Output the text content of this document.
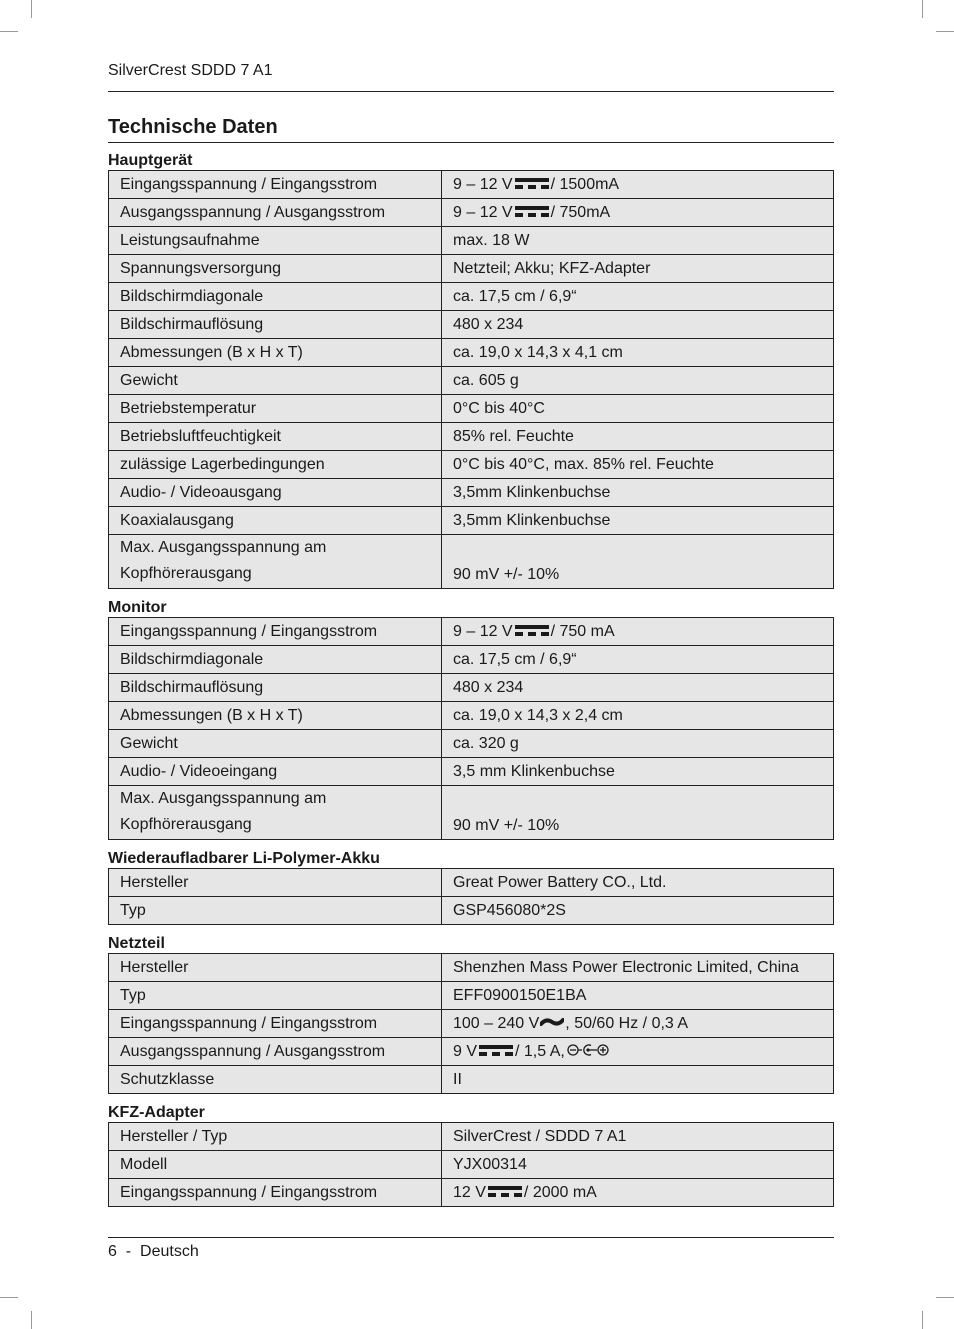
SilverCrest SDDD 7 A1
Technische Daten
Hauptgerät
Eingangsspannung / Eingangsstrom	9 – 12 V / 1500mA
Ausgangsspannung / Ausgangsstrom	9 – 12 V / 750mA
Leistungsaufnahme	max. 18 W
Spannungsversorgung	Netzteil; Akku; KFZ-Adapter
Bildschirmdiagonale	ca. 17,5 cm / 6,9“
Bildschirmauflösung	480 x 234
Abmessungen (B x H x T)	ca. 19,0 x 14,3 x 4,1 cm
Gewicht	ca. 605 g
Betriebstemperatur	0°C bis 40°C
Betriebsluftfeuchtigkeit	85% rel. Feuchte
zulässige Lagerbedingungen	0°C bis 40°C, max. 85% rel. Feuchte
Audio- / Videoausgang	3,5mm Klinkenbuchse
Koaxialausgang	3,5mm Klinkenbuchse
Max. Ausgangsspannung am
Kopfhörerausgang	90 mV +/- 10%
Monitor
Eingangsspannung / Eingangsstrom	9 – 12 V / 750 mA
Bildschirmdiagonale	ca. 17,5 cm / 6,9“
Bildschirmauflösung	480 x 234
Abmessungen (B x H x T)	ca. 19,0 x 14,3 x 2,4 cm
Gewicht	ca. 320 g
Audio- / Videoeingang	3,5 mm Klinkenbuchse
Max. Ausgangsspannung am
Kopfhörerausgang	90 mV +/- 10%
Wiederaufladbarer Li-Polymer-Akku
Hersteller	Great Power Battery CO., Ltd.
Typ	GSP456080*2S
Netzteil
Hersteller	Shenzhen Mass Power Electronic Limited, China
Typ	EFF0900150E1BA
Eingangsspannung / Eingangsstrom	100 – 240 V , 50/60 Hz / 0,3 A
Ausgangsspannung / Ausgangsstrom	9 V / 1,5 A,
Schutzklasse	II
KFZ-Adapter
Hersteller / Typ	SilverCrest / SDDD 7 A1
Modell	YJX00314
Eingangsspannung / Eingangsstrom	12 V / 2000 mA
6 - Deutsch
